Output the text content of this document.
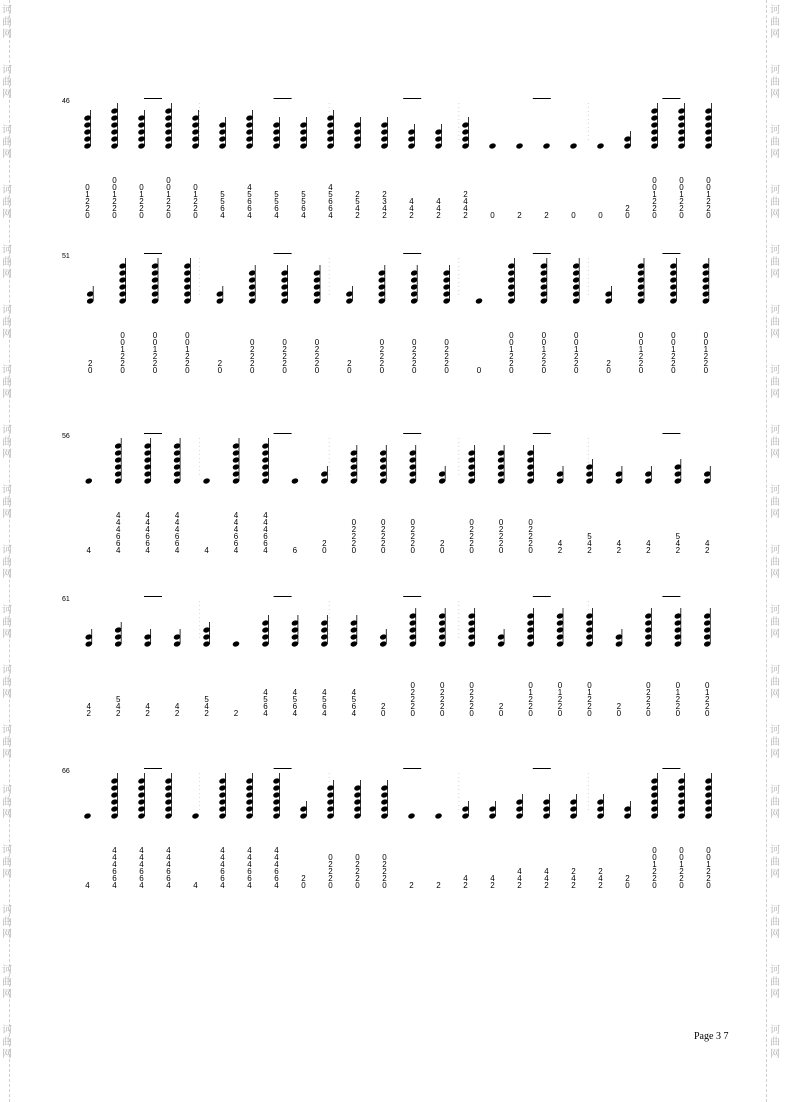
诃
曲
网
诃
曲
网
诃
曲
网
诃
曲
网
诃
曲
网
诃
曲
网
诃
曲
网
诃
曲
网
诃
曲
网
诃
曲
网
诃
曲
网
诃
曲
网
诃
曲
网
诃
曲
网
诃
曲
网
诃
曲
网
诃
曲
网
诃
曲
网
诃
曲
网
诃
曲
网
诃
曲
网
诃
曲
网
诃
曲
网
诃
曲
网
诃
曲
网
诃
曲
网
诃
曲
网
诃
曲
网
诃
曲
网
诃
曲
网
诃
曲
网
诃
曲
网
诃
曲
网
诃
曲
网
诃
曲
网
诃
曲
网
0
1
2
2
0
0
0
1
2
2
0
0
1
2
2
0
0
0
1
2
2
0
0
1
2
2
0
5
5
6
4
4
5
6
6
4
5
5
6
4
5
5
6
4
4
5
6
6
4
2
5
4
2
2
3
4
2
4
4
2
4
4
2
2
4
4
2	0	2	2	0	0
2
0
0
0
1
2
2
0
0
0
1
2
2
0
0
0
1
2
2
0
46
2
0
0
0
1
2
2
0
0
0
1
2
2
0
0
0
1
2
2
0
2
0
0
2
2
2
0
0
2
2
2
0
0
2
2
2
0
2
0
0
2
2
2
0
0
2
2
2
0
0
2
2
2
0	0
0
0
1
2
2
0
0
0
1
2
2
0
0
0
1
2
2
0
2
0
0
0
1
2
2
0
0
0
1
2
2
0
0
0
1
2
2
0
51
4
4
4
4
6
6
4
4
4
4
6
6
4
4
4
4
6
6
4	4
4
4
4
6
6
4
4
4
4
6
6
4	6
2
0
0
2
2
2
0
0
2
2
2
0
0
2
2
2
0
2
0
0
2
2
2
0
0
2
2
2
0
0
2
2
2
0
4
2
5
4
2
4
2
4
2
5
4
2
4
2
56
4
2
5
4
2
4
2
4
2
5
4
2	2
4
5
6
4
4
5
6
4
4
5
6
4
4
5
6
4
2
0
0
2
2
2
0
0
2
2
2
0
0
2
2
2
0
2
0
0
1
2
2
0
0
1
2
2
0
0
1
2
2
0
2
0
0
2
2
2
0
0
1
2
2
0
0
1
2
2
0
61
4
4
4
4
6
6
4
4
4
4
6
6
4
4
4
4
6
6
4	4
4
4
4
6
6
4
4
4
4
6
6
4
4
4
4
6
6
4
2
0
0
2
2
2
0
0
2
2
2
0
0
2
2
2
0	2	2
4
2
4
2
4
4
2
4
4
2
2
4
2
2
4
2
2
0
0
0
1
2
2
0
0
0
1
2
2
0
0
0
1
2
2
0
66
Page 3 7
